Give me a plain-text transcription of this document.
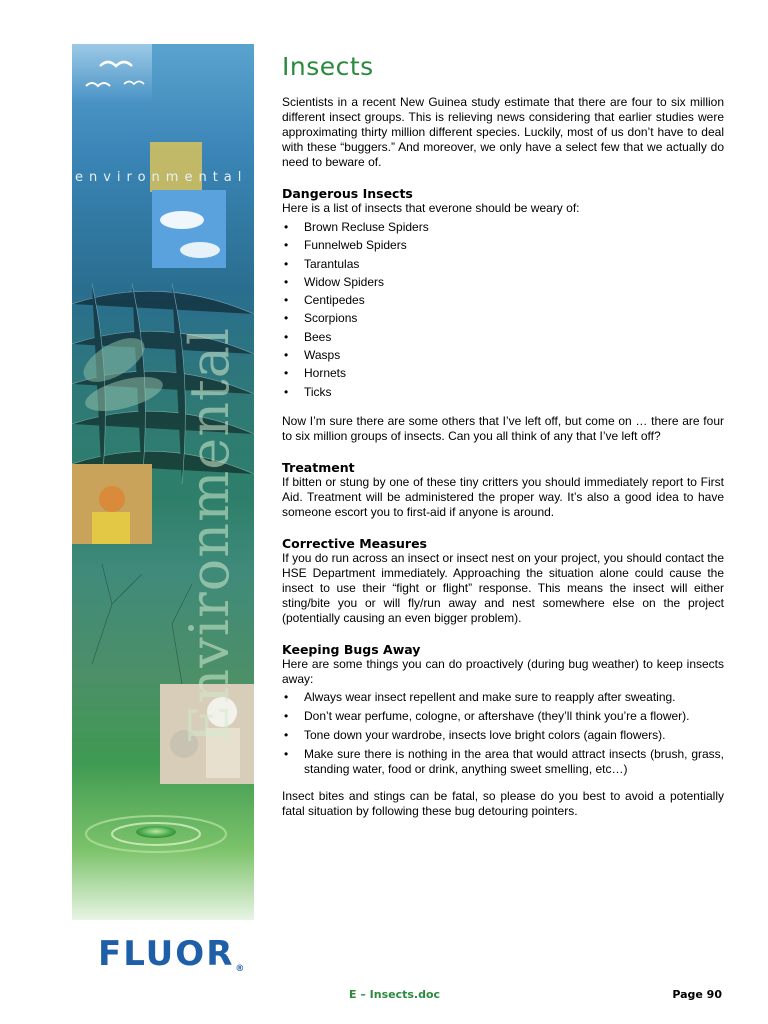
environmental
Environmental
FLUOR®
Insects

Scientists in a recent New Guinea study estimate that there are four to six million different insect groups. This is relieving news considering that earlier studies were approximating thirty million different species. Luckily, most of us don’t have to deal with these “buggers.” And moreover, we only have a select few that we actually do need to beware of.

Dangerous Insects

Here is a list of insects that everone should be weary of:

• Brown Recluse Spiders
• Funnelweb Spiders
• Tarantulas
• Widow Spiders
• Centipedes
• Scorpions
• Bees
• Wasps
• Hornets
• Ticks

Now I’m sure there are some others that I’ve left off, but come on … there are four to six million groups of insects. Can you all think of any that I’ve left off?

Treatment

If bitten or stung by one of these tiny critters you should immediately report to First Aid. Treatment will be administered the proper way. It’s also a good idea to have someone escort you to first-aid if anyone is around.

Corrective Measures

If you do run across an insect or insect nest on your project, you should contact the HSE Department immediately. Approaching the situation alone could cause the insect to use their “fight or flight” response. This means the insect will either sting/bite you or will fly/run away and nest somewhere else on the project (potentially causing an even bigger problem).

Keeping Bugs Away

Here are some things you can do proactively (during bug weather) to keep insects away:

• Always wear insect repellent and make sure to reapply after sweating.
• Don’t wear perfume, cologne, or aftershave (they’ll think you’re a flower).
• Tone down your wardrobe, insects love bright colors (again flowers).
• Make sure there is nothing in the area that would attract insects (brush, grass, standing water, food or drink, anything sweet smelling, etc…)

Insect bites and stings can be fatal, so please do you best to avoid a potentially fatal situation by following these bug detouring pointers.

E – Insects.doc	Page 90
